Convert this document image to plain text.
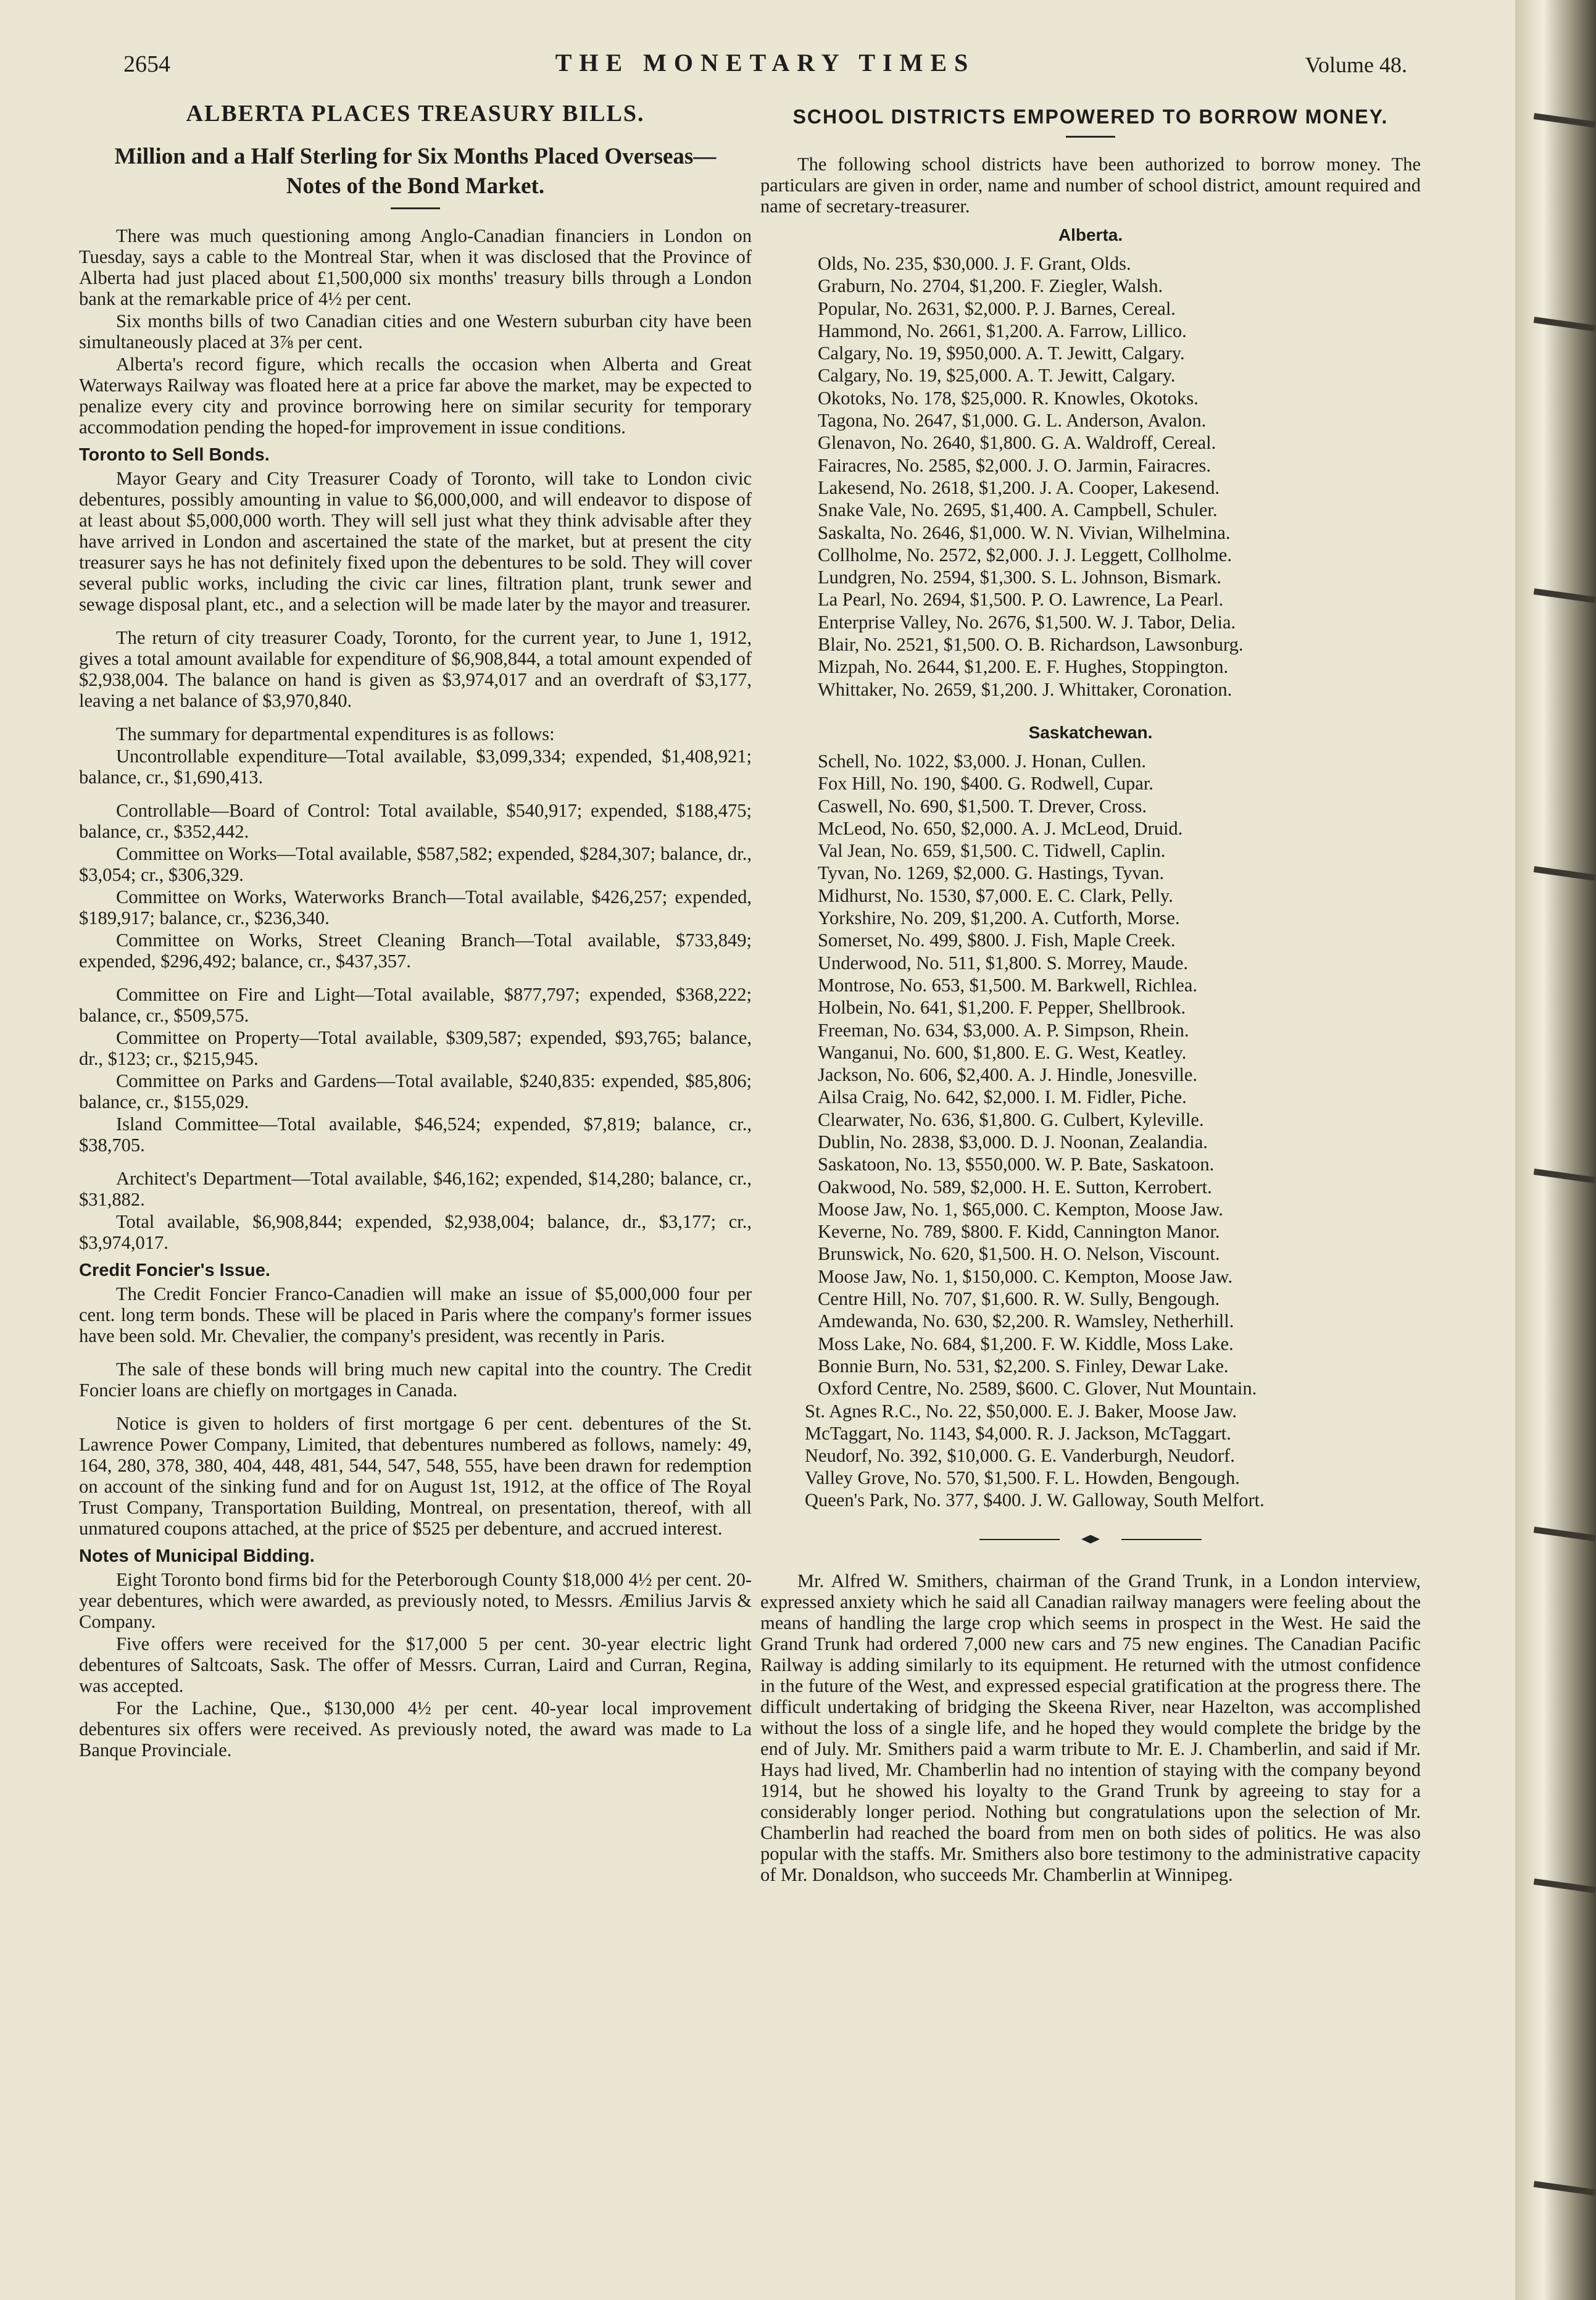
2654	THE MONETARY TIMES	Volume 48.
ALBERTA PLACES TREASURY BILLS.
Million and a Half Sterling for Six Months Placed Overseas—Notes of the Bond Market.
There was much questioning among Anglo-Canadian financiers in London on Tuesday, says a cable to the Montreal Star, when it was disclosed that the Province of Alberta had just placed about £1,500,000 six months' treasury bills through a London bank at the remarkable price of 4½ per cent.
Six months bills of two Canadian cities and one Western suburban city have been simultaneously placed at 3⅞ per cent.
Alberta's record figure, which recalls the occasion when Alberta and Great Waterways Railway was floated here at a price far above the market, may be expected to penalize every city and province borrowing here on similar security for temporary accommodation pending the hoped-for improvement in issue conditions.
Toronto to Sell Bonds.
Mayor Geary and City Treasurer Coady of Toronto, will take to London civic debentures, possibly amounting in value to $6,000,000, and will endeavor to dispose of at least about $5,000,000 worth. They will sell just what they think advisable after they have arrived in London and ascertained the state of the market, but at present the city treasurer says he has not definitely fixed upon the debentures to be sold. They will cover several public works, including the civic car lines, filtration plant, trunk sewer and sewage disposal plant, etc., and a selection will be made later by the mayor and treasurer.
The return of city treasurer Coady, Toronto, for the current year, to June 1, 1912, gives a total amount available for expenditure of $6,908,844, a total amount expended of $2,938,004. The balance on hand is given as $3,974,017 and an overdraft of $3,177, leaving a net balance of $3,970,840.
The summary for departmental expenditures is as follows:
Uncontrollable expenditure—Total available, $3,099,334; expended, $1,408,921; balance, cr., $1,690,413.
Controllable—Board of Control: Total available, $540,917; expended, $188,475; balance, cr., $352,442.
Committee on Works—Total available, $587,582; expended, $284,307; balance, dr., $3,054; cr., $306,329.
Committee on Works, Waterworks Branch—Total available, $426,257; expended, $189,917; balance, cr., $236,340.
Committee on Works, Street Cleaning Branch—Total available, $733,849; expended, $296,492; balance, cr., $437,357.
Committee on Fire and Light—Total available, $877,797; expended, $368,222; balance, cr., $509,575.
Committee on Property—Total available, $309,587; expended, $93,765; balance, dr., $123; cr., $215,945.
Committee on Parks and Gardens—Total available, $240,835: expended, $85,806; balance, cr., $155,029.
Island Committee—Total available, $46,524; expended, $7,819; balance, cr., $38,705.
Architect's Department—Total available, $46,162; expended, $14,280; balance, cr., $31,882.
Total available, $6,908,844; expended, $2,938,004; balance, dr., $3,177; cr., $3,974,017.
Credit Foncier's Issue.
The Credit Foncier Franco-Canadien will make an issue of $5,000,000 four per cent. long term bonds. These will be placed in Paris where the company's former issues have been sold. Mr. Chevalier, the company's president, was recently in Paris.
The sale of these bonds will bring much new capital into the country. The Credit Foncier loans are chiefly on mortgages in Canada.
Notice is given to holders of first mortgage 6 per cent. debentures of the St. Lawrence Power Company, Limited, that debentures numbered as follows, namely: 49, 164, 280, 378, 380, 404, 448, 481, 544, 547, 548, 555, have been drawn for redemption on account of the sinking fund and for on August 1st, 1912, at the office of The Royal Trust Company, Transportation Building, Montreal, on presentation, thereof, with all unmatured coupons attached, at the price of $525 per debenture, and accrued interest.
Notes of Municipal Bidding.
Eight Toronto bond firms bid for the Peterborough County $18,000 4½ per cent. 20-year debentures, which were awarded, as previously noted, to Messrs. Æmilius Jarvis & Company.
Five offers were received for the $17,000 5 per cent. 30-year electric light debentures of Saltcoats, Sask. The offer of Messrs. Curran, Laird and Curran, Regina, was accepted.
For the Lachine, Que., $130,000 4½ per cent. 40-year local improvement debentures six offers were received. As previously noted, the award was made to La Banque Provinciale.
SCHOOL DISTRICTS EMPOWERED TO BORROW MONEY.
The following school districts have been authorized to borrow money. The particulars are given in order, name and number of school district, amount required and name of secretary-treasurer.
Alberta.
Olds, No. 235, $30,000. J. F. Grant, Olds.
Graburn, No. 2704, $1,200. F. Ziegler, Walsh.
Popular, No. 2631, $2,000. P. J. Barnes, Cereal.
Hammond, No. 2661, $1,200. A. Farrow, Lillico.
Calgary, No. 19, $950,000. A. T. Jewitt, Calgary.
Calgary, No. 19, $25,000. A. T. Jewitt, Calgary.
Okotoks, No. 178, $25,000. R. Knowles, Okotoks.
Tagona, No. 2647, $1,000. G. L. Anderson, Avalon.
Glenavon, No. 2640, $1,800. G. A. Waldroff, Cereal.
Fairacres, No. 2585, $2,000. J. O. Jarmin, Fairacres.
Lakesend, No. 2618, $1,200. J. A. Cooper, Lakesend.
Snake Vale, No. 2695, $1,400. A. Campbell, Schuler.
Saskalta, No. 2646, $1,000. W. N. Vivian, Wilhelmina.
Collholme, No. 2572, $2,000. J. J. Leggett, Collholme.
Lundgren, No. 2594, $1,300. S. L. Johnson, Bismark.
La Pearl, No. 2694, $1,500. P. O. Lawrence, La Pearl.
Enterprise Valley, No. 2676, $1,500. W. J. Tabor, Delia.
Blair, No. 2521, $1,500. O. B. Richardson, Lawsonburg.
Mizpah, No. 2644, $1,200. E. F. Hughes, Stoppington.
Whittaker, No. 2659, $1,200. J. Whittaker, Coronation.
Saskatchewan.
Schell, No. 1022, $3,000. J. Honan, Cullen.
Fox Hill, No. 190, $400. G. Rodwell, Cupar.
Caswell, No. 690, $1,500. T. Drever, Cross.
McLeod, No. 650, $2,000. A. J. McLeod, Druid.
Val Jean, No. 659, $1,500. C. Tidwell, Caplin.
Tyvan, No. 1269, $2,000. G. Hastings, Tyvan.
Midhurst, No. 1530, $7,000. E. C. Clark, Pelly.
Yorkshire, No. 209, $1,200. A. Cutforth, Morse.
Somerset, No. 499, $800. J. Fish, Maple Creek.
Underwood, No. 511, $1,800. S. Morrey, Maude.
Montrose, No. 653, $1,500. M. Barkwell, Richlea.
Holbein, No. 641, $1,200. F. Pepper, Shellbrook.
Freeman, No. 634, $3,000. A. P. Simpson, Rhein.
Wanganui, No. 600, $1,800. E. G. West, Keatley.
Jackson, No. 606, $2,400. A. J. Hindle, Jonesville.
Ailsa Craig, No. 642, $2,000. I. M. Fidler, Piche.
Clearwater, No. 636, $1,800. G. Culbert, Kyleville.
Dublin, No. 2838, $3,000. D. J. Noonan, Zealandia.
Saskatoon, No. 13, $550,000. W. P. Bate, Saskatoon.
Oakwood, No. 589, $2,000. H. E. Sutton, Kerrobert.
Moose Jaw, No. 1, $65,000. C. Kempton, Moose Jaw.
Keverne, No. 789, $800. F. Kidd, Cannington Manor.
Brunswick, No. 620, $1,500. H. O. Nelson, Viscount.
Moose Jaw, No. 1, $150,000. C. Kempton, Moose Jaw.
Centre Hill, No. 707, $1,600. R. W. Sully, Bengough.
Amdewanda, No. 630, $2,200. R. Wamsley, Netherhill.
Moss Lake, No. 684, $1,200. F. W. Kiddle, Moss Lake.
Bonnie Burn, No. 531, $2,200. S. Finley, Dewar Lake.
Oxford Centre, No. 2589, $600. C. Glover, Nut Mountain.
St. Agnes R.C., No. 22, $50,000. E. J. Baker, Moose Jaw.
McTaggart, No. 1143, $4,000. R. J. Jackson, McTaggart.
Neudorf, No. 392, $10,000. G. E. Vanderburgh, Neudorf.
Valley Grove, No. 570, $1,500. F. L. Howden, Bengough.
Queen's Park, No. 377, $400. J. W. Galloway, South Melfort.
Mr. Alfred W. Smithers, chairman of the Grand Trunk, in a London interview, expressed anxiety which he said all Canadian railway managers were feeling about the means of handling the large crop which seems in prospect in the West. He said the Grand Trunk had ordered 7,000 new cars and 75 new engines. The Canadian Pacific Railway is adding similarly to its equipment. He returned with the utmost confidence in the future of the West, and expressed especial gratification at the progress there. The difficult undertaking of bridging the Skeena River, near Hazelton, was accomplished without the loss of a single life, and he hoped they would complete the bridge by the end of July. Mr. Smithers paid a warm tribute to Mr. E. J. Chamberlin, and said if Mr. Hays had lived, Mr. Chamberlin had no intention of staying with the company beyond 1914, but he showed his loyalty to the Grand Trunk by agreeing to stay for a considerably longer period. Nothing but congratulations upon the selection of Mr. Chamberlin had reached the board from men on both sides of politics. He was also popular with the staffs. Mr. Smithers also bore testimony to the administrative capacity of Mr. Donaldson, who succeeds Mr. Chamberlin at Winnipeg.
